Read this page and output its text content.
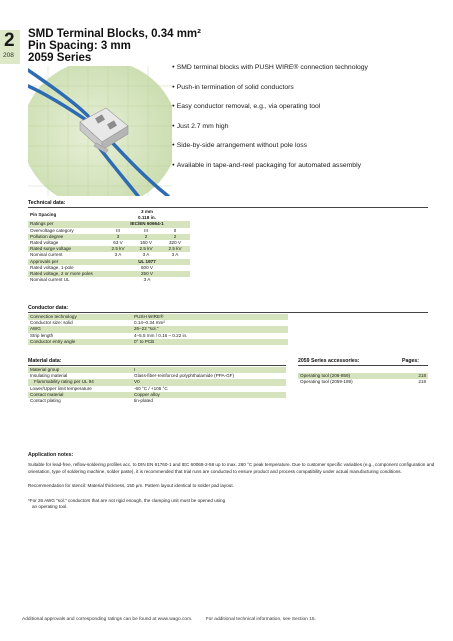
2
208
SMD Terminal Blocks, 0.34 mm²
Pin Spacing: 3 mm
2059 Series
● SMD terminal blocks with PUSH WIRE® connection technology
● Push-in termination of solid conductors
● Easy conductor removal, e.g., via operating tool
● Just 2.7 mm high
● Side-by-side arrangement without pole loss
● Available in tape-and-reel packaging for automated assembly
Technical data:
Pin Spacing	3 mm		
	0.118 in.		
Ratings per	IEC/EN 60664-1		
Overvoltage category	III	III	II
Pollution degree	3	2	2
Rated voltage	63 V	160 V	320 V
Rated surge voltage	2.5 kV	2.5 kV	2.5 kV
Nominal current	3 A	3 A	3 A
Approvals per	UL 1977		
Rated voltage, 1-pole	600 V		
Rated voltage, 2 or more poles	250 V		
Nominal current UL	3 A		
Conductor data:
Connection technology	PUSH WIRE®
Conductor size: solid	0.14–0.34 mm²
AWG	26–22 "sol."
Strip length	4–5.5 mm / 0.16 – 0.22 in.
Conductor entry angle	0° to PCB
Material data:
Material group	I
Insulating material	Glass-fiber-reinforced polyphthalamide (PPA-GF)
Flammability rating per UL 94	V0
Lower/Upper limit temperature	-60 °C / +105 °C
Contact material	Copper alloy
Contact plating	tin-plated
2059 Series accessories:	Pages:
Operating tool (206-859)	218
Operating tool (2059-189)	218

Application notes:

Suitable for lead-free, reflow-soldering profiles acc. to DIN EN 61760-1 and IEC 60068-2-58 up to max. 260 °C peak temperature. Due to customer specific variables (e.g., component configuration and orientation, type of soldering machine, solder paste), it is recommended that trial runs are conducted to ensure product and process compatibility under actual manufacturing conditions.

Recommendation for stencil: Material thickness, 150 µm. Pattern layout identical to solder pad layout.

*For 26 AWG "sol." conductors that are not rigid enough, the clamping unit must be opened using
an operating tool.
Additional approvals and corresponding ratings can be found at www.wago.com.	For additional technical information, see Section 15.
